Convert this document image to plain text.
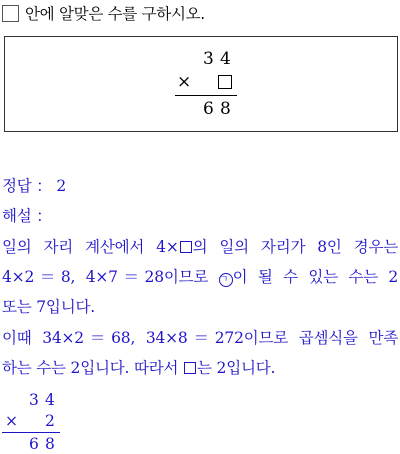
안에 알맞은 수를 구하시오.
3 4
×
6 8
정답 ： 2
해설 ：
일의 자리 계산에서 4× 의 일의 자리가 8인 경우는
4×2＝8, 4×7＝28이므로 ㄱ 이 될 수 있는 수는 2
또는 7입니다.
이때 34×2＝68, 34×8＝272이므로 곱셈식을 만족
하는 수는 2입니다. 따라서 는 2입니다.
3 4
× 2
6 8
